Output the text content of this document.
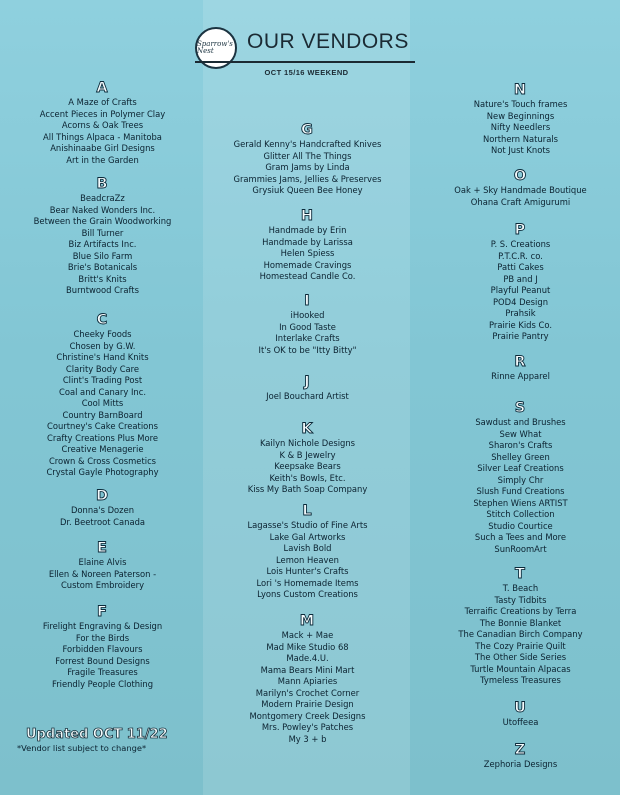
Sparrow's Nest	OUR VENDORS
OCT 15/16 WEEKEND
A
A Maze of Crafts
Accent Pieces in Polymer Clay
Acorns & Oak Trees
All Things Alpaca - Manitoba
Anishinaabe Girl Designs
Art in the Garden
B
BeadcraZz
Bear Naked Wonders Inc.
Between the Grain Woodworking
Bill Turner
Biz Artifacts Inc.
Blue Silo Farm
Brie's Botanicals
Britt's Knits
Burntwood Crafts
C
Cheeky Foods
Chosen by G.W.
Christine's Hand Knits
Clarity Body Care
Clint's Trading Post
Coal and Canary Inc.
Cool Mitts
Country BarnBoard
Courtney's Cake Creations
Crafty Creations Plus More
Creative Menagerie
Crown & Cross Cosmetics
Crystal Gayle Photography
D
Donna's Dozen
Dr. Beetroot Canada
E
Elaine Alvis
Ellen & Noreen Paterson -
Custom Embroidery
F
Firelight Engraving & Design
For the Birds
Forbidden Flavours
Forrest Bound Designs
Fragile Treasures
Friendly People Clothing
G
Gerald Kenny's Handcrafted Knives
Glitter All The Things
Gram Jams by Linda
Grammies Jams, Jellies & Preserves
Grysiuk Queen Bee Honey
H
Handmade by Erin
Handmade by Larissa
Helen Spiess
Homemade Cravings
Homestead Candle Co.
I
iHooked
In Good Taste
Interlake Crafts
It's OK to be "Itty Bitty"
J
Joel Bouchard Artist
K
Kailyn Nichole Designs
K & B Jewelry
Keepsake Bears
Keith's Bowls, Etc.
Kiss My Bath Soap Company
L
Lagasse's Studio of Fine Arts
Lake Gal Artworks
Lavish Bold
Lemon Heaven
Lois Hunter's Crafts
Lori 's Homemade Items
Lyons Custom Creations
M
Mack + Mae
Mad Mike Studio 68
Made.4.U.
Mama Bears Mini Mart
Mann Apiaries
Marilyn's Crochet Corner
Modern Prairie Design
Montgomery Creek Designs
Mrs. Powley's Patches
My 3 + b
N
Nature's Touch frames
New Beginnings
Nifty Needlers
Northern Naturals
Not Just Knots
O
Oak + Sky Handmade Boutique
Ohana Craft Amigurumi
P
P. S. Creations
P.T.C.R. co.
Patti Cakes
PB and J
Playful Peanut
POD4 Design
Prahsik
Prairie Kids Co.
Prairie Pantry
R
Rinne Apparel
S
Sawdust and Brushes
Sew What
Sharon's Crafts
Shelley Green
Silver Leaf Creations
Simply Chr
Slush Fund Creations
Stephen Wiens ARTIST
Stitch Collection
Studio Courtice
Such a Tees and More
SunRoomArt
T
T. Beach
Tasty Tidbits
Terraific Creations by Terra
The Bonnie Blanket
The Canadian Birch Company
The Cozy Prairie Quilt
The Other Side Series
Turtle Mountain Alpacas
Tymeless Treasures
U
Utoffeea
Z
Zephoria Designs
Updated OCT 11/22
*Vendor list subject to change*
